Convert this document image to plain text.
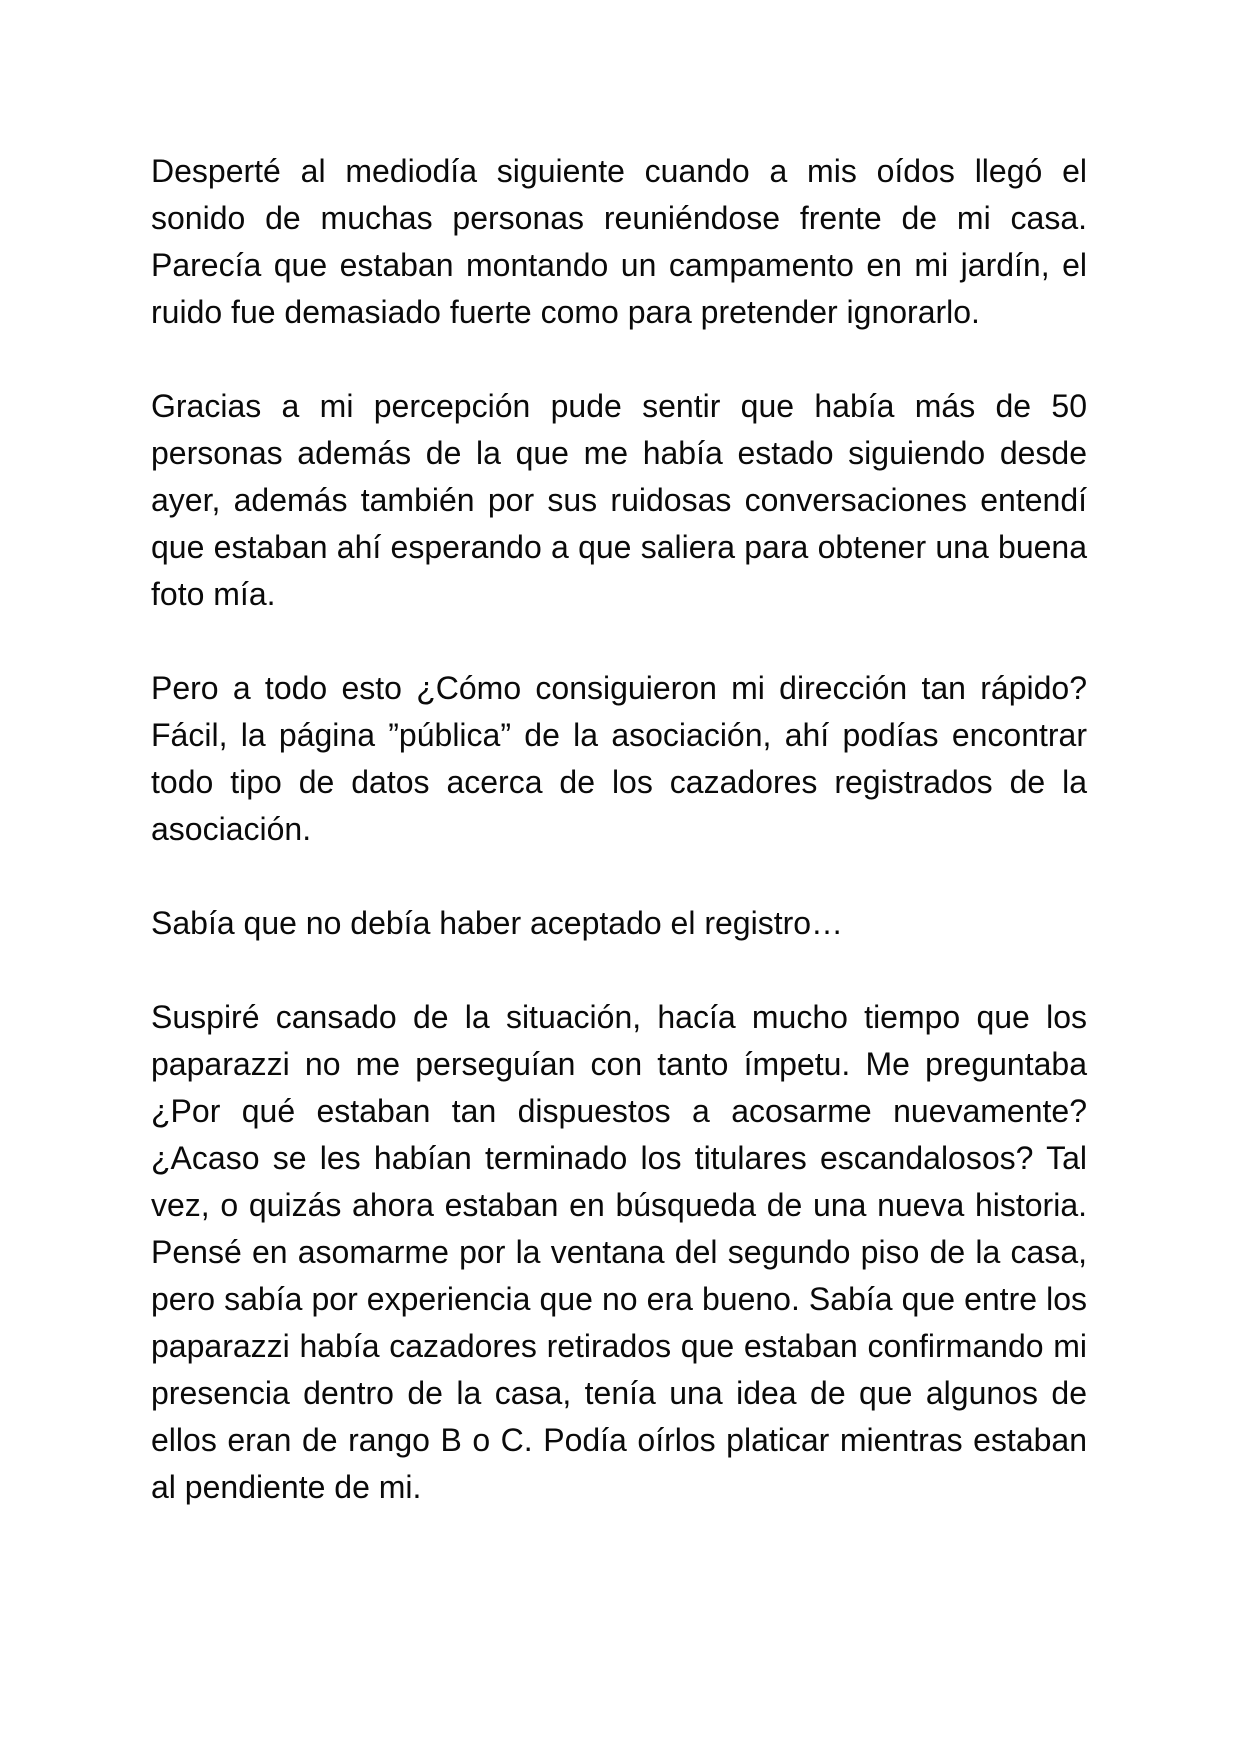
Desperté al mediodía siguiente cuando a mis oídos llegó el sonido de muchas personas reuniéndose frente de mi casa. Parecía que estaban montando un campamento en mi jardín, el ruido fue demasiado fuerte como para pretender ignorarlo.

Gracias a mi percepción pude sentir que había más de 50 personas además de la que me había estado siguiendo desde ayer, además también por sus ruidosas conversaciones entendí que estaban ahí esperando a que saliera para obtener una buena foto mía.

Pero a todo esto ¿Cómo consiguieron mi dirección tan rápido? Fácil, la página ”pública” de la asociación, ahí podías encontrar todo tipo de datos acerca de los cazadores registrados de la asociación.

Sabía que no debía haber aceptado el registro…

Suspiré cansado de la situación, hacía mucho tiempo que los paparazzi no me perseguían con tanto ímpetu. Me preguntaba ¿Por qué estaban tan dispuestos a acosarme nuevamente? ¿Acaso se les habían terminado los titulares escandalosos? Tal vez, o quizás ahora estaban en búsqueda de una nueva historia. Pensé en asomarme por la ventana del segundo piso de la casa, pero sabía por experiencia que no era bueno. Sabía que entre los paparazzi había cazadores retirados que estaban confirmando mi presencia dentro de la casa, tenía una idea de que algunos de ellos eran de rango B o C. Podía oírlos platicar mientras estaban al pendiente de mi.
